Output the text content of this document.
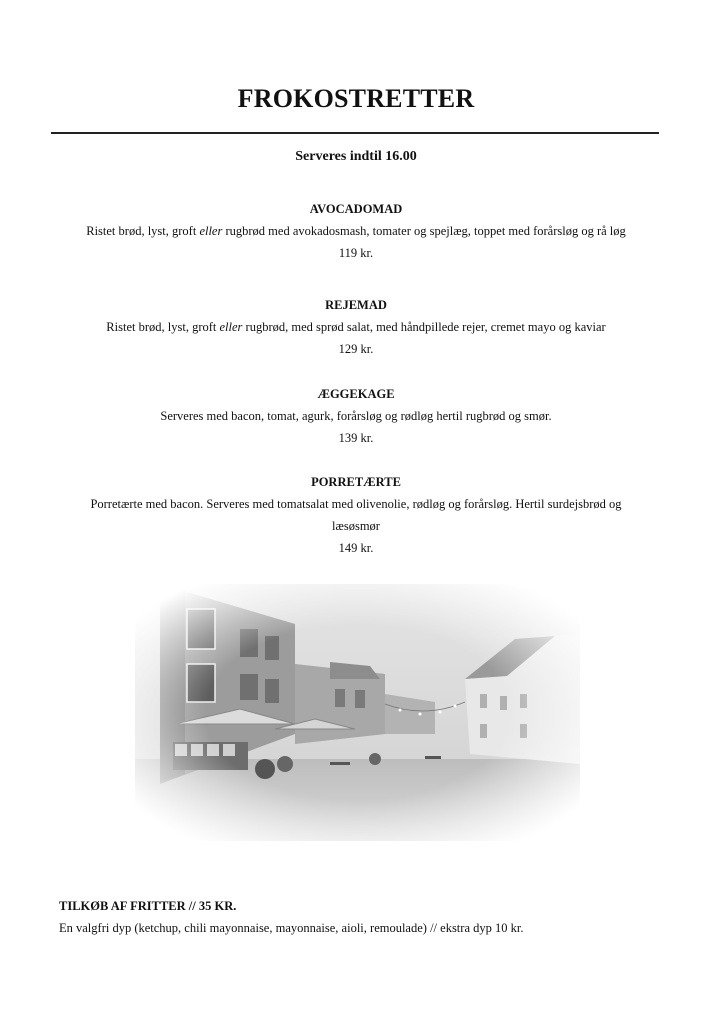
FROKOSTRETTER
Serveres indtil 16.00
AVOCADOMAD
Ristet brød, lyst, groft eller rugbrød med avokadosmash, tomater og spejlæg, toppet med forårsløg og rå løg
119 kr.
REJEMAD
Ristet brød, lyst, groft eller rugbrød, med sprød salat, med håndpillede rejer, cremet mayo og kaviar
129 kr.
ÆGGEKAGE
Serveres med bacon, tomat, agurk, forårsløg og rødløg hertil rugbrød og smør.
139 kr.
PORRETÆRTE
Porretærte med bacon. Serveres med tomatsalat med olivenolie, rødløg og forårsløg. Hertil surdejsbrød og læsøsmør
149 kr.
TILKØB AF FRITTER // 35 KR.
En valgfri dyp (ketchup, chili mayonnaise, mayonnaise, aioli, remoulade) // ekstra dyp 10 kr.
